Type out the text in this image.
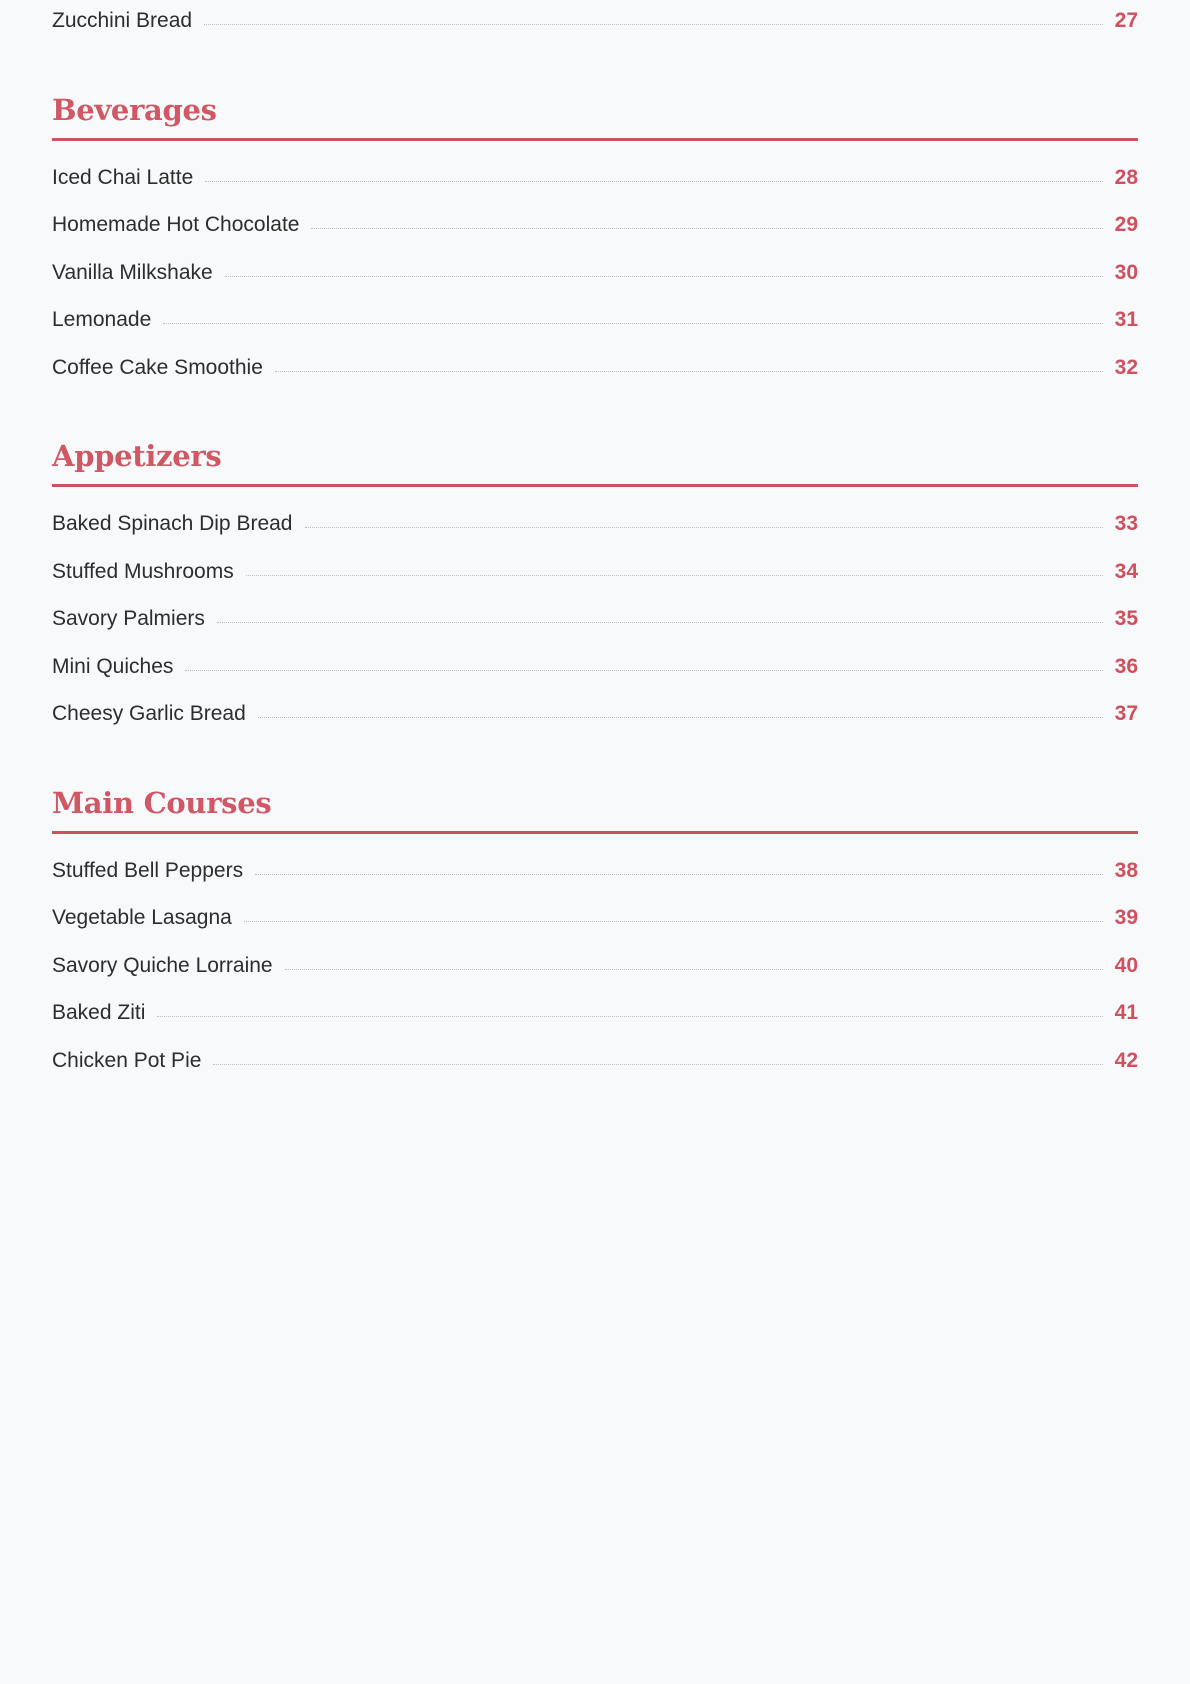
Zucchini Bread	27
Beverages
Iced Chai Latte	28
Homemade Hot Chocolate	29
Vanilla Milkshake	30
Lemonade	31
Coffee Cake Smoothie	32
Appetizers
Baked Spinach Dip Bread	33
Stuffed Mushrooms	34
Savory Palmiers	35
Mini Quiches	36
Cheesy Garlic Bread	37
Main Courses
Stuffed Bell Peppers	38
Vegetable Lasagna	39
Savory Quiche Lorraine	40
Baked Ziti	41
Chicken Pot Pie	42
